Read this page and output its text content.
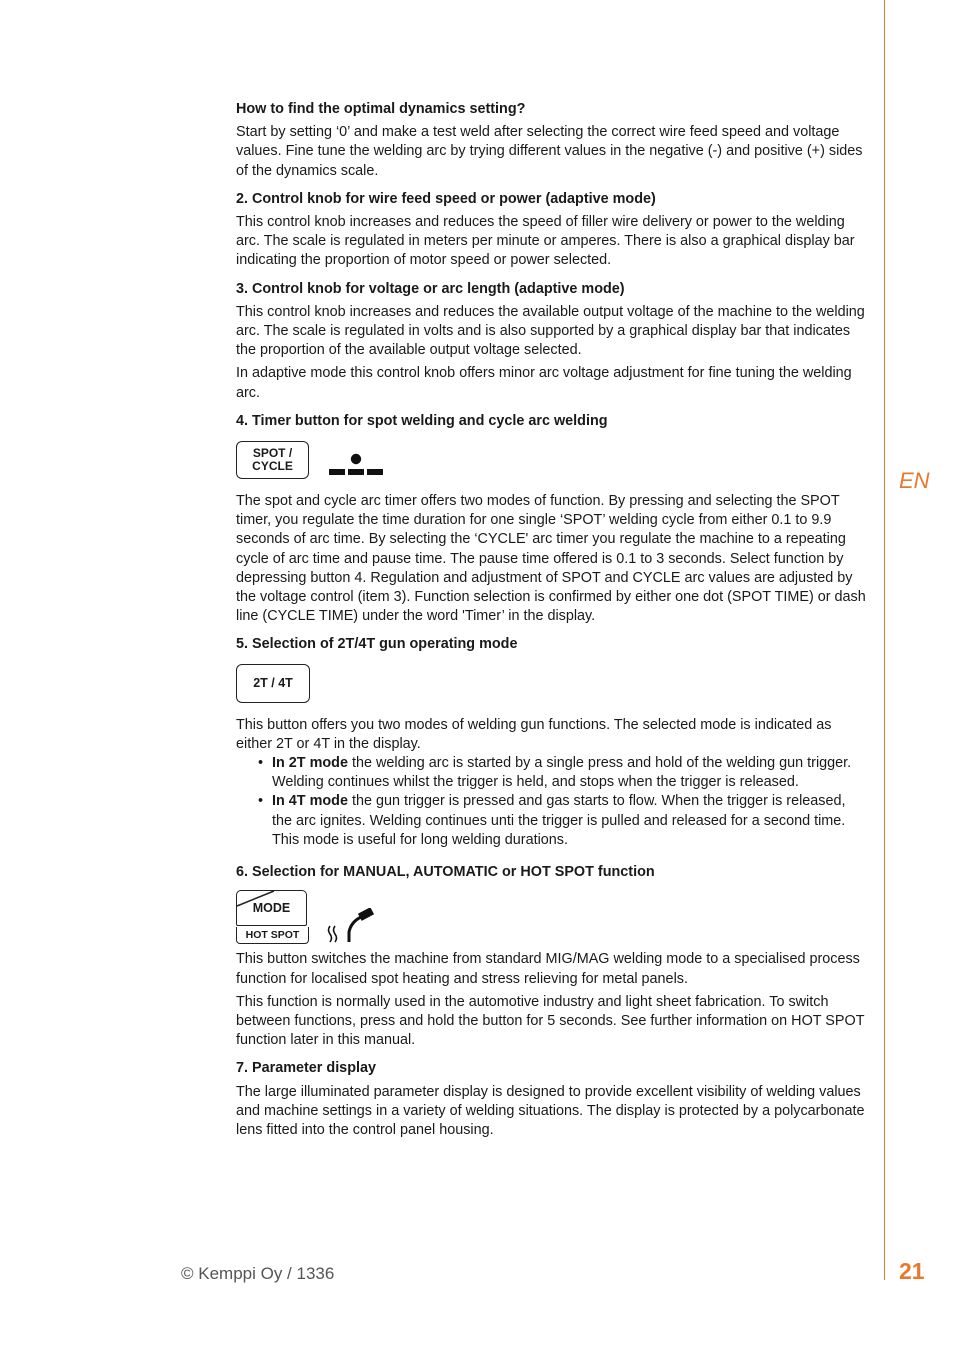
EN
21
© Kemppi Oy / 1336
How to find the optimal dynamics setting?

Start by setting ‘0’ and make a test weld after selecting the correct wire feed speed and voltage values. Fine tune the welding arc by trying different values in the negative (-) and positive (+) sides of the dynamics scale.

2. Control knob for wire feed speed or power (adaptive mode)

This control knob increases and reduces the speed of filler wire delivery or power to the welding arc. The scale is regulated in meters per minute or amperes. There is also a graphical display bar indicating the proportion of motor speed or power selected.

3. Control knob for voltage or arc length (adaptive mode)

This control knob increases and reduces the available output voltage of the machine to the welding arc. The scale is regulated in volts and is also supported by a graphical display bar that indicates the proportion of the available output voltage selected.

In adaptive mode this control knob offers minor arc voltage adjustment for fine tuning the welding arc.

4. Timer button for spot welding and cycle arc welding
SPOT /
CYCLE

The spot and cycle arc timer offers two modes of function. By pressing and selecting the SPOT timer, you regulate the time duration for one single ‘SPOT’ welding cycle from either 0.1 to 9.9 seconds of arc time. By selecting the ‘CYCLE' arc timer you regulate the machine to a repeating cycle of arc time and pause time. The pause time offered is 0.1 to 3 seconds. Select function by depressing button 4. Regulation and adjustment of SPOT and CYCLE arc values are adjusted by the voltage control (item 3). Function selection is confirmed by either one dot (SPOT TIME) or dash line (CYCLE TIME) under the word 'Timer’ in the display.

5. Selection of 2T/4T gun operating mode
2T / 4T

This button offers you two modes of welding gun functions. The selected mode is indicated as either 2T or 4T in the display.

• In 2T mode the welding arc is started by a single press and hold of the welding gun trigger. Welding continues whilst the trigger is held, and stops when the trigger is released.
• In 4T mode the gun trigger is pressed and gas starts to flow. When the trigger is released, the arc ignites. Welding continues unti the trigger is pulled and released for a second time. This mode is useful for long welding durations.
6. Selection for MANUAL, AUTOMATIC or HOT SPOT function
MODE
HOT SPOT

This button switches the machine from standard MIG/MAG welding mode to a specialised process function for localised spot heating and stress relieving for metal panels.

This function is normally used in the automotive industry and light sheet fabrication. To switch between functions, press and hold the button for 5 seconds. See further information on HOT SPOT function later in this manual.

7. Parameter display

The large illuminated parameter display is designed to provide excellent visibility of welding values and machine settings in a variety of welding situations. The display is protected by a polycarbonate lens fitted into the control panel housing.
